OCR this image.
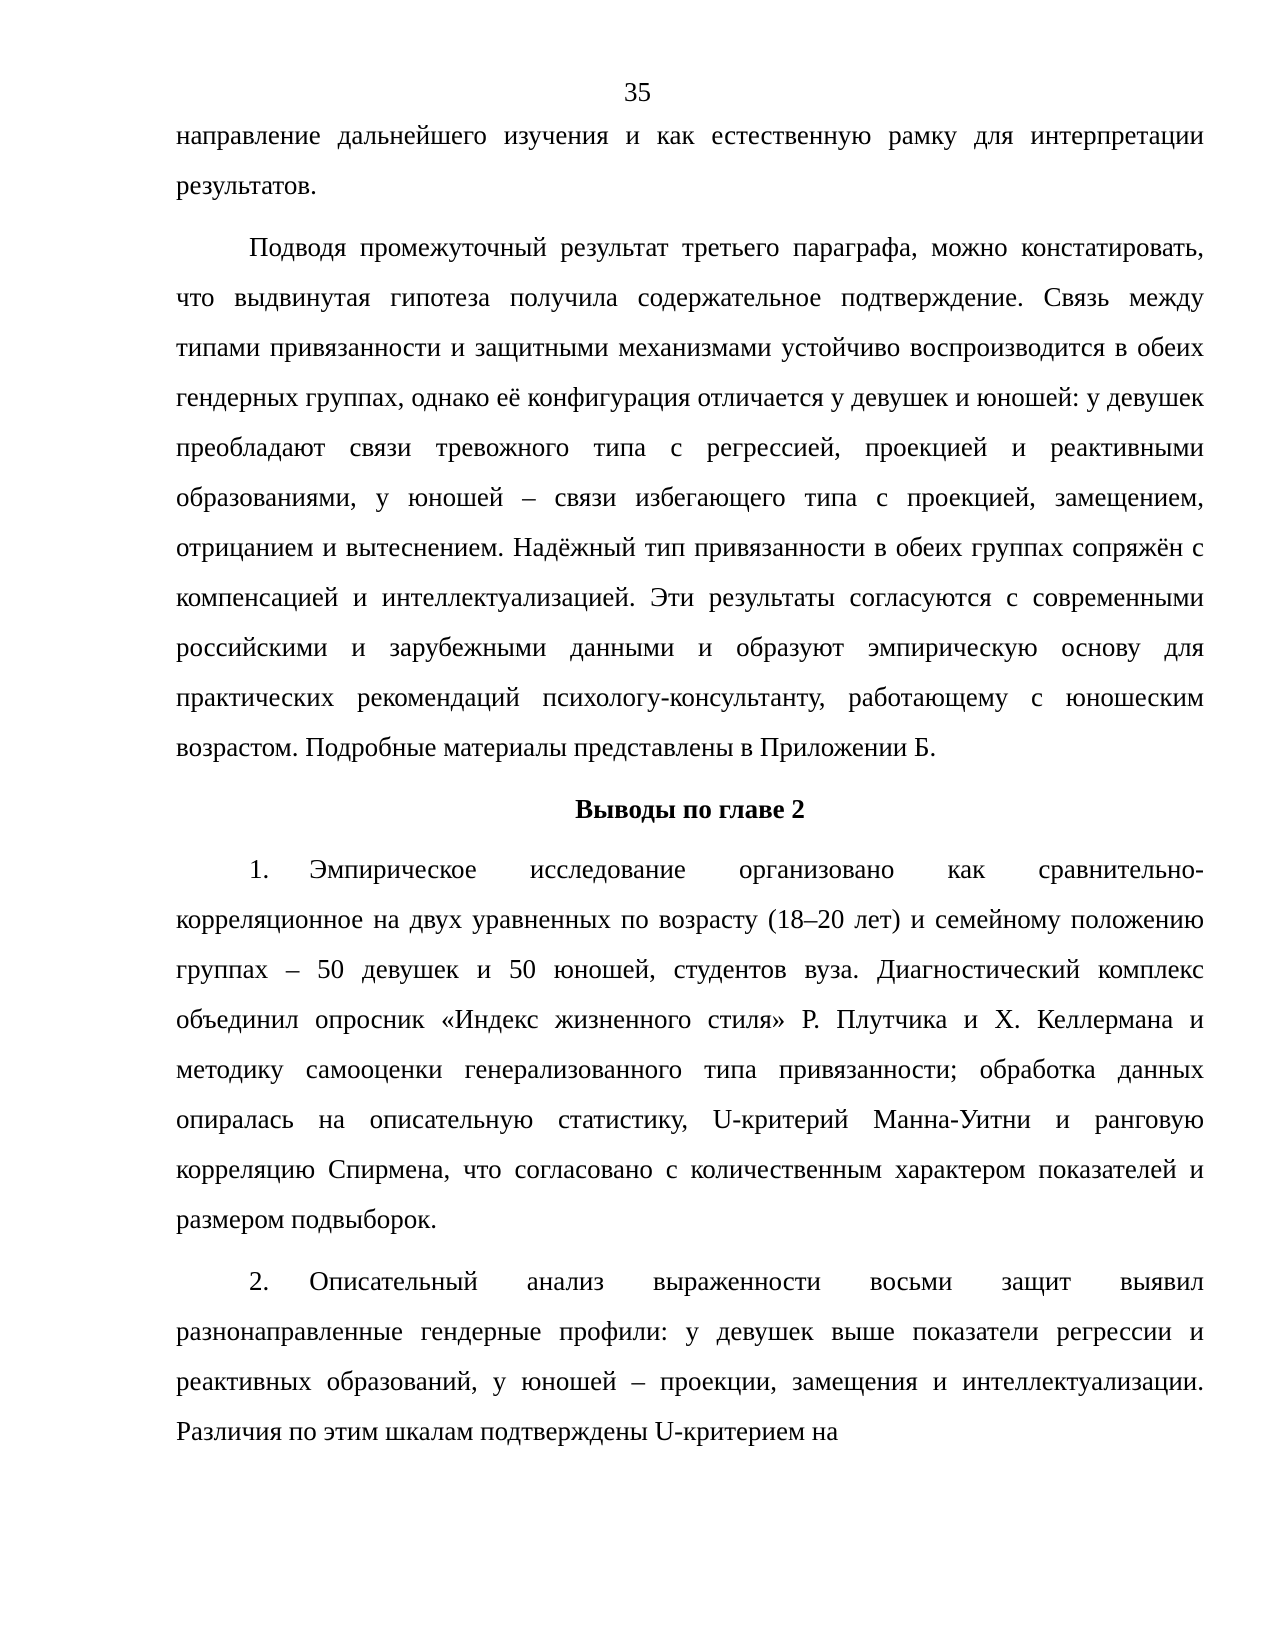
35

направление дальнейшего изучения и как естественную рамку для интерпретации результатов.

Подводя промежуточный результат третьего параграфа, можно констатировать, что выдвинутая гипотеза получила содержательное подтверждение. Связь между типами привязанности и защитными механизмами устойчиво воспроизводится в обеих гендерных группах, однако её конфигурация отличается у девушек и юношей: у девушек преобладают связи тревожного типа с регрессией, проекцией и реактивными образованиями, у юношей – связи избегающего типа с проекцией, замещением, отрицанием и вытеснением. Надёжный тип привязанности в обеих группах сопряжён с компенсацией и интеллектуализацией. Эти результаты согласуются с современными российскими и зарубежными данными и образуют эмпирическую основу для практических рекомендаций психологу-консультанту, работающему с юношеским возрастом. Подробные материалы представлены в Приложении Б.

Выводы по главе 2

1. Эмпирическое исследование организовано как сравнительно-корреляционное на двух уравненных по возрасту (18–20 лет) и семейному положению группах – 50 девушек и 50 юношей, студентов вуза. Диагностический комплекс объединил опросник «Индекс жизненного стиля» Р. Плутчика и Х. Келлермана и методику самооценки генерализованного типа привязанности; обработка данных опиралась на описательную статистику, U-критерий Манна-Уитни и ранговую корреляцию Спирмена, что согласовано с количественным характером показателей и размером подвыборок.

2. Описательный анализ выраженности восьми защит выявил разнонаправленные гендерные профили: у девушек выше показатели регрессии и реактивных образований, у юношей – проекции, замещения и интеллектуализации. Различия по этим шкалам подтверждены U-критерием на
